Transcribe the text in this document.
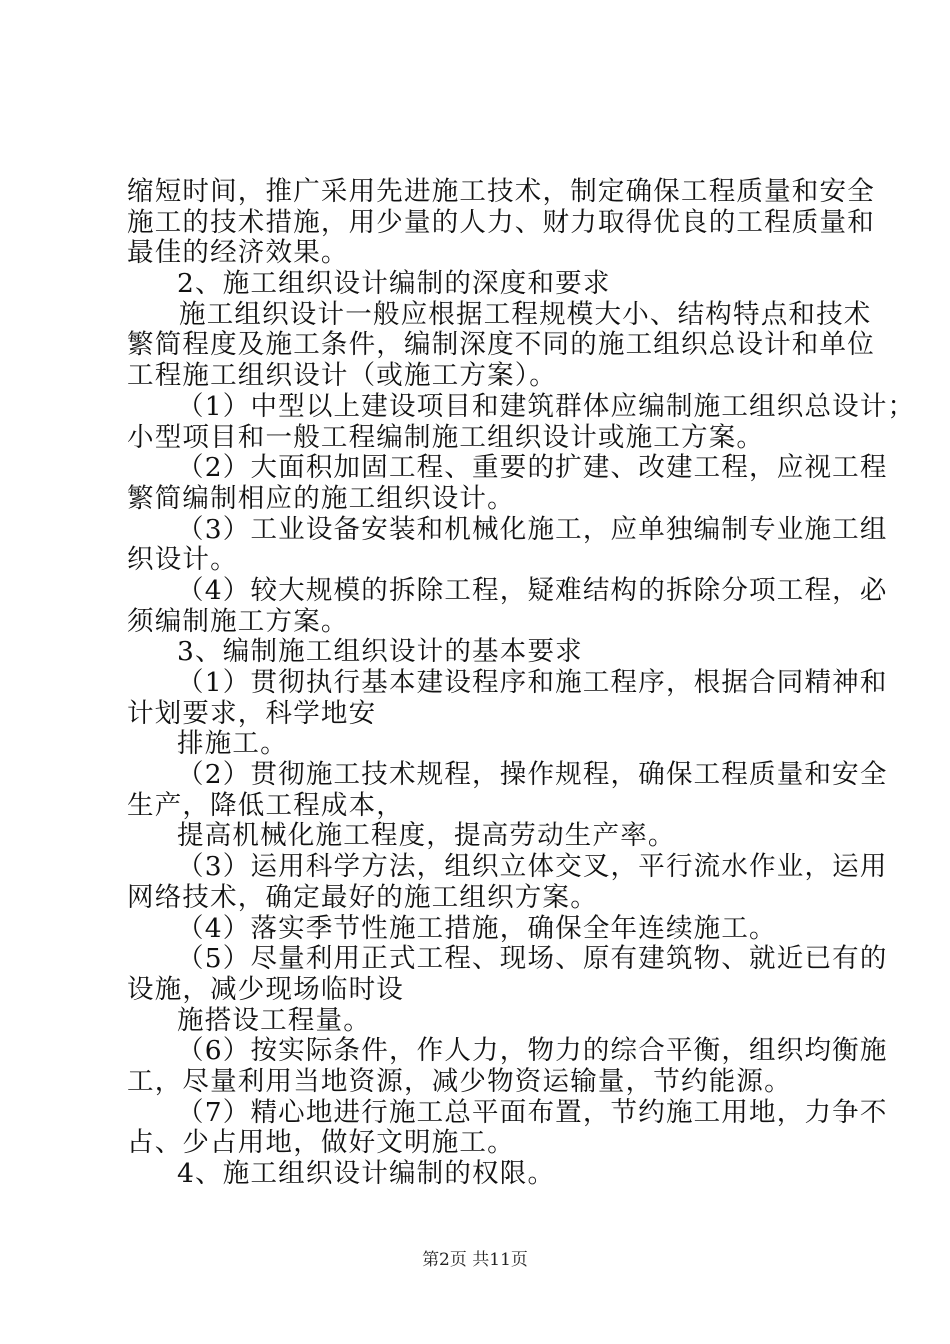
缩短时间，推广采用先进施工技术，制定确保工程质量和安全
施工的技术措施，用少量的人力、财力取得优良的工程质量和
最佳的经济效果。
2、施工组织设计编制的深度和要求
施工组织设计一般应根据工程规模大小、结构特点和技术
繁简程度及施工条件，编制深度不同的施工组织总设计和单位
工程施工组织设计（或施工方案）。
（1）中型以上建设项目和建筑群体应编制施工组织总设计；
小型项目和一般工程编制施工组织设计或施工方案。
（2）大面积加固工程、重要的扩建、改建工程，应视工程
繁简编制相应的施工组织设计。
（3）工业设备安装和机械化施工，应单独编制专业施工组
织设计。
（4）较大规模的拆除工程，疑难结构的拆除分项工程，必
须编制施工方案。
3、编制施工组织设计的基本要求
（1）贯彻执行基本建设程序和施工程序，根据合同精神和
计划要求，科学地安
排施工。
（2）贯彻施工技术规程，操作规程，确保工程质量和安全
生产，降低工程成本，
提高机械化施工程度，提高劳动生产率。
（3）运用科学方法，组织立体交叉，平行流水作业，运用
网络技术，确定最好的施工组织方案。
（4）落实季节性施工措施，确保全年连续施工。
（5）尽量利用正式工程、现场、原有建筑物、就近已有的
设施，减少现场临时设
施搭设工程量。
（6）按实际条件，作人力，物力的综合平衡，组织均衡施
工，尽量利用当地资源，减少物资运输量，节约能源。
（7）精心地进行施工总平面布置，节约施工用地，力争不
占、少占用地，做好文明施工。
4、施工组织设计编制的权限。
第2页 共11页
